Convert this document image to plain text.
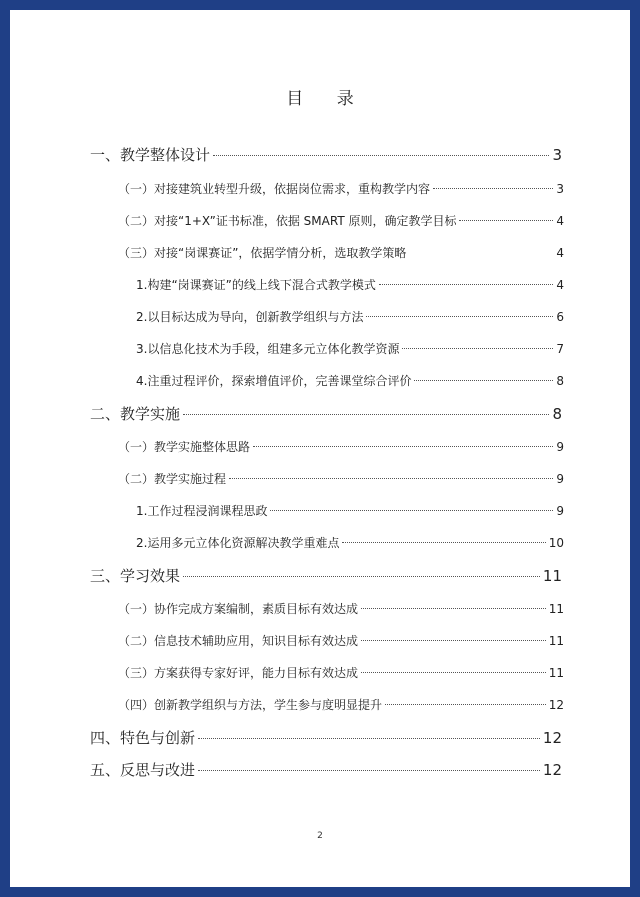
目 录
一、教学整体设计	3
（一）对接建筑业转型升级，依据岗位需求，重构教学内容	3
（二）对接“1+X”证书标准，依据 SMART 原则，确定教学目标	4
（三）对接“岗课赛证”，依据学情分析，选取教学策略	4
1.构建“岗课赛证”的线上线下混合式教学模式	4
2.以目标达成为导向，创新教学组织与方法	6
3.以信息化技术为手段，组建多元立体化教学资源	7
4.注重过程评价，探索增值评价，完善课堂综合评价	8
二、教学实施	8
（一）教学实施整体思路	9
（二）教学实施过程	9
1.工作过程浸润课程思政	9
2.运用多元立体化资源解决教学重难点	10
三、学习效果	11
（一）协作完成方案编制，素质目标有效达成	11
（二）信息技术辅助应用，知识目标有效达成	11
（三）方案获得专家好评，能力目标有效达成	11
（四）创新教学组织与方法，学生参与度明显提升	12
四、特色与创新	12
五、反思与改进	12
2
